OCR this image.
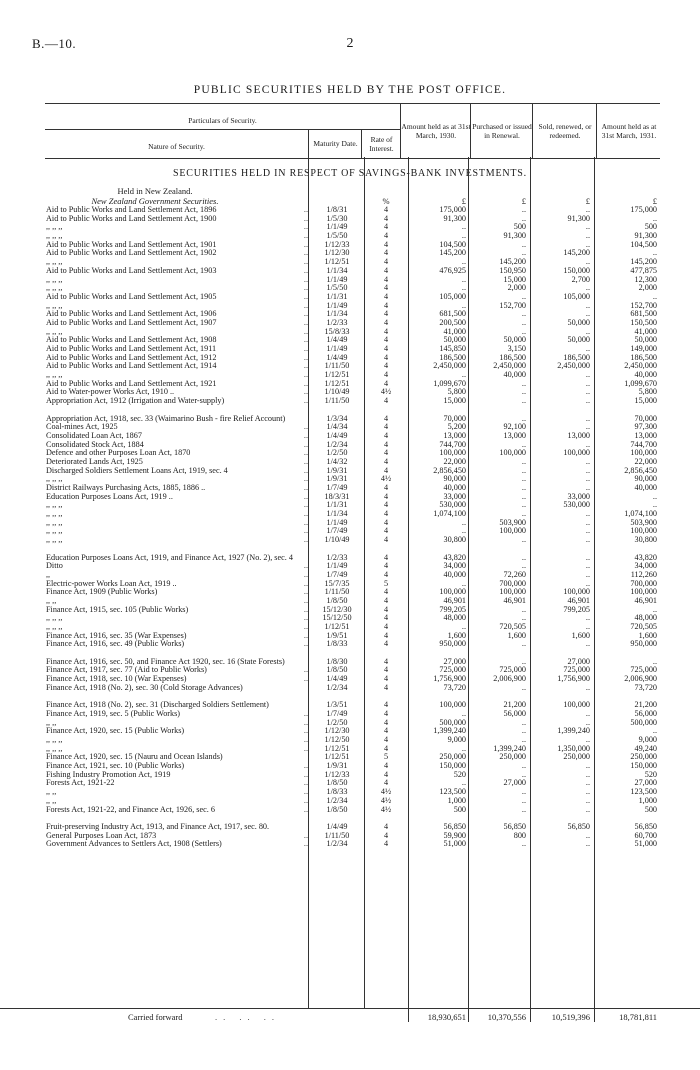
B.—10.	2
PUBLIC SECURITIES HELD BY THE POST OFFICE.
Particulars of Security.
Nature of Security.	Maturity Date.	Rate of Interest.
Amount held as at 31st March, 1930.
Purchased or issued in Renewal.
Sold, renewed, or redeemed.
Amount held as at 31st March, 1931.
SECURITIES HELD IN RESPECT OF SAVINGS-BANK INVESTMENTS.
Held in New Zealand.
New Zealand Government Securities.	%	£	£	£	£
Aid to Public Works and Land Settlement Act, 1896	..	1/8/31	4	175,000	..	..	175,000
Aid to Public Works and Land Settlement Act, 1900	..	1/5/30	4	91,300	..	91,300	..
,, ,, ,,	..	1/1/49	4	..	500	..	500
,, ,, ,,	..	1/5/50	4	..	91,300	..	91,300
Aid to Public Works and Land Settlement Act, 1901	..	1/12/33	4	104,500	..	..	104,500
Aid to Public Works and Land Settlement Act, 1902	..	1/12/30	4	145,200	..	145,200	..
,, ,, ,,	..	1/12/51	4	..	145,200	..	145,200
Aid to Public Works and Land Settlement Act, 1903	..	1/1/34	4	476,925	150,950	150,000	477,875
,, ,, ,,	..	1/1/49	4	..	15,000	2,700	12,300
,, ,, ,,	..	1/5/50	4	..	2,000	..	2,000
Aid to Public Works and Land Settlement Act, 1905	..	1/1/31	4	105,000	..	105,000	..
,, ,, ,,	..	1/1/49	4	..	152,700	..	152,700
Aid to Public Works and Land Settlement Act, 1906	..	1/1/34	4	681,500	..	..	681,500
Aid to Public Works and Land Settlement Act, 1907	..	1/2/33	4	200,500	..	50,000	150,500
,, ,, ,,	..	15/8/33	4	41,000	..	..	41,000
Aid to Public Works and Land Settlement Act, 1908	..	1/4/49	4	50,000	50,000	50,000	50,000
Aid to Public Works and Land Settlement Act, 1911	..	1/1/49	4	145,850	3,150	..	149,000
Aid to Public Works and Land Settlement Act, 1912	..	1/4/49	4	186,500	186,500	186,500	186,500
Aid to Public Works and Land Settlement Act, 1914	..	1/11/50	4	2,450,000	2,450,000	2,450,000	2,450,000
,, ,, ,,	..	1/12/51	4	..	40,000	..	40,000
Aid to Public Works and Land Settlement Act, 1921	..	1/12/51	4	1,099,670	..	..	1,099,670
Aid to Water-power Works Act, 1910 ..	..	1/10/49	4½	5,800	..	..	5,800
Appropriation Act, 1912 (Irrigation and Water-supply)	..	1/11/50	4	15,000	..	..	15,000
Appropriation Act, 1918, sec. 33 (Waimarino Bush - fire Relief Account)	1/3/34	4	70,000	..	..	70,000
Coal-mines Act, 1925	..	1/4/34	4	5,200	92,100	..	97,300
Consolidated Loan Act, 1867	..	1/4/49	4	13,000	13,000	13,000	13,000
Consolidated Stock Act, 1884	..	1/2/34	4	744,700	..	..	744,700
Defence and other Purposes Loan Act, 1870	..	1/2/50	4	100,000	100,000	100,000	100,000
Deteriorated Lands Act, 1925	..	1/4/32	4	22,000	..	..	22,000
Discharged Soldiers Settlement Loans Act, 1919, sec. 4	..	1/9/31	4	2,856,450	..	..	2,856,450
,, ,, ,,	..	1/9/31	4½	90,000	..	..	90,000
District Railways Purchasing Acts, 1885, 1886 ..	..	1/7/49	4	40,000	..	..	40,000
Education Purposes Loans Act, 1919 ..	..	18/3/31	4	33,000	..	33,000	..
,, ,, ,,	..	1/1/31	4	530,000	..	530,000	..
,, ,, ,,	..	1/1/34	4	1,074,100	..	..	1,074,100
,, ,, ,,	..	1/1/49	4	..	503,900	..	503,900
,, ,, ,,	..	1/7/49	4	..	100,000	..	100,000
,, ,, ,,	..	1/10/49	4	30,800	..	..	30,800
Education Purposes Loans Act, 1919, and Finance Act, 1927 (No. 2), sec. 4	1/2/33	4	43,820	..	..	43,820
Ditto	..	1/1/49	4	34,000	..	..	34,000
,,	..	1/7/49	4	40,000	72,260	..	112,260
Electric-power Works Loan Act, 1919 ..	..	15/7/35	5	..	700,000	..	700,000
Finance Act, 1909 (Public Works)	..	1/11/50	4	100,000	100,000	100,000	100,000
,, ,,	..	1/8/50	4	46,901	46,901	46,901	46,901
Finance Act, 1915, sec. 105 (Public Works)	..	15/12/30	4	799,205	..	799,205	..
,, ,, ,,	..	15/12/50	4	48,000	..	..	48,000
,, ,, ,,	..	1/12/51	4	..	720,505	..	720,505
Finance Act, 1916, sec. 35 (War Expenses)	..	1/9/51	4	1,600	1,600	1,600	1,600
Finance Act, 1916, sec. 49 (Public Works)	..	1/8/33	4	950,000	..	..	950,000
Finance Act, 1916, sec. 50, and Finance Act 1920, sec. 16 (State Forests)	1/8/30	4	27,000	..	27,000	..
Finance Act, 1917, sec. 77 (Aid to Public Works)	..	1/8/50	4	725,000	725,000	725,000	725,000
Finance Act, 1918, sec. 10 (War Expenses)	..	1/4/49	4	1,756,900	2,006,900	1,756,900	2,006,900
Finance Act, 1918 (No. 2), sec. 30 (Cold Storage Advances)	1/2/34	4	73,720	..	..	73,720
Finance Act, 1918 (No. 2), sec. 31 (Discharged Soldiers Settlement)	1/3/51	4	100,000	21,200	100,000	21,200
Finance Act, 1919, sec. 5 (Public Works)	..	1/7/49	4	..	56,000	..	56,000
,, ,,	..	1/2/50	4	500,000	..	..	500,000
Finance Act, 1920, sec. 15 (Public Works)	..	1/12/30	4	1,399,240	..	1,399,240	..
,, ,, ,,	..	1/12/50	4	9,000	..	..	9,000
,, ,, ,,	..	1/12/51	4	..	1,399,240	1,350,000	49,240
Finance Act, 1920, sec. 15 (Nauru and Ocean Islands)	1/12/51	5	250,000	250,000	250,000	250,000
Finance Act, 1921, sec. 10 (Public Works)	..	1/9/31	4	150,000	..	..	150,000
Fishing Industry Promotion Act, 1919	..	1/12/33	4	520	..	..	520
Forests Act, 1921-22	..	1/8/50	4	..	27,000	..	27,000
,, ,,	..	1/8/33	4½	123,500	..	..	123,500
,, ,,	..	1/2/34	4½	1,000	..	..	1,000
Forests Act, 1921-22, and Finance Act, 1926, sec. 6	..	1/8/50	4½	500	..	..	500
Fruit-preserving Industry Act, 1913, and Finance Act, 1917, sec. 80.	1/4/49	4	56,850	56,850	56,850	56,850
General Purposes Loan Act, 1873	..	1/11/50	4	59,900	800	..	60,700
Government Advances to Settlers Act, 1908 (Settlers)	..	1/2/34	4	51,000	..	..	51,000
Carried forward	.. .. ..	18,930,651	10,370,556	10,519,396	18,781,811
